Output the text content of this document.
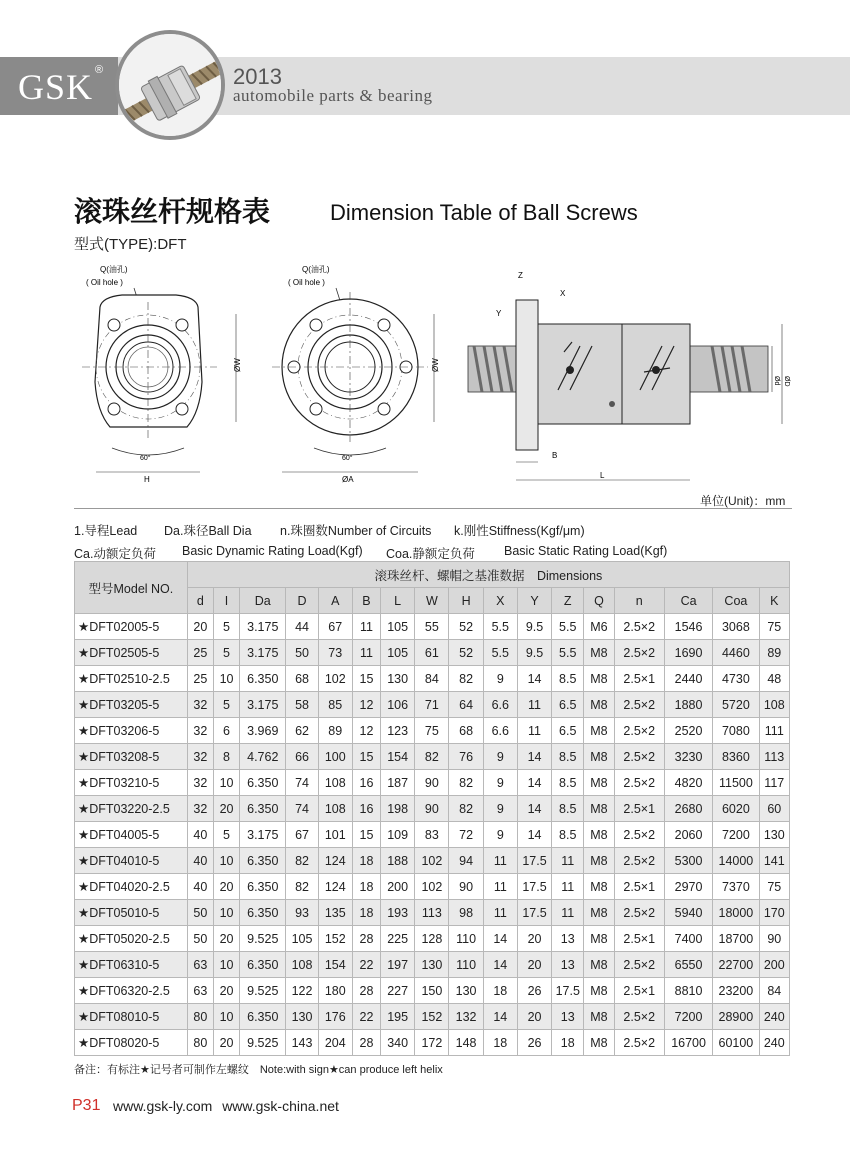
GSK ®	2013
automobile parts & bearing
滚珠丝杆规格表	Dimension Table of Ball Screws
型式(TYPE):DFT
Q(油孔)
( Oil hole )
60°
H
ØW
Q(油孔)
( Oil hole )
60°
ØA
ØW
Z
X
Y
B
L
Ød ØD
单位(Unit)：mm
1.导程Lead Da.珠径Ball Dia n.珠圈数Number of Circuits k.刚性Stiffness(Kgf/μm)
Ca.动额定负荷 Basic Dynamic Rating Load(Kgf) Coa.静额定负荷 Basic Static Rating Load(Kgf)
型号Model NO.	滚珠丝杆、螺帽之基准数据　Dimensions																
	d	I	Da	D	A	B	L	W	H	X	Y	Z	Q	n	Ca	Coa	K
★DFT02005-5	20	5	3.175	44	67	11	105	55	52	5.5	9.5	5.5	M6	2.5×2	1546	3068	75
★DFT02505-5	25	5	3.175	50	73	11	105	61	52	5.5	9.5	5.5	M8	2.5×2	1690	4460	89
★DFT02510-2.5	25	10	6.350	68	102	15	130	84	82	9	14	8.5	M8	2.5×1	2440	4730	48
★DFT03205-5	32	5	3.175	58	85	12	106	71	64	6.6	11	6.5	M8	2.5×2	1880	5720	108
★DFT03206-5	32	6	3.969	62	89	12	123	75	68	6.6	11	6.5	M8	2.5×2	2520	7080	111
★DFT03208-5	32	8	4.762	66	100	15	154	82	76	9	14	8.5	M8	2.5×2	3230	8360	113
★DFT03210-5	32	10	6.350	74	108	16	187	90	82	9	14	8.5	M8	2.5×2	4820	11500	117
★DFT03220-2.5	32	20	6.350	74	108	16	198	90	82	9	14	8.5	M8	2.5×1	2680	6020	60
★DFT04005-5	40	5	3.175	67	101	15	109	83	72	9	14	8.5	M8	2.5×2	2060	7200	130
★DFT04010-5	40	10	6.350	82	124	18	188	102	94	11	17.5	11	M8	2.5×2	5300	14000	141
★DFT04020-2.5	40	20	6.350	82	124	18	200	102	90	11	17.5	11	M8	2.5×1	2970	7370	75
★DFT05010-5	50	10	6.350	93	135	18	193	113	98	11	17.5	11	M8	2.5×2	5940	18000	170
★DFT05020-2.5	50	20	9.525	105	152	28	225	128	110	14	20	13	M8	2.5×1	7400	18700	90
★DFT06310-5	63	10	6.350	108	154	22	197	130	110	14	20	13	M8	2.5×2	6550	22700	200
★DFT06320-2.5	63	20	9.525	122	180	28	227	150	130	18	26	17.5	M8	2.5×1	8810	23200	84
★DFT08010-5	80	10	6.350	130	176	22	195	152	132	14	20	13	M8	2.5×2	7200	28900	240
★DFT08020-5	80	20	9.525	143	204	28	340	172	148	18	26	18	M8	2.5×2	16700	60100	240
备注：有标注★记号者可制作左螺纹　Note:with sign★can produce left helix
P31 www.gsk-ly.com www.gsk-china.net
